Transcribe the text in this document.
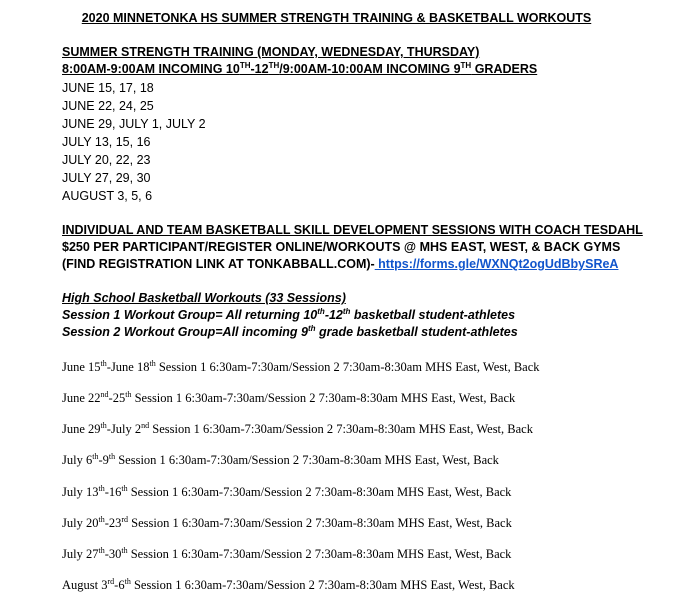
2020 MINNETONKA HS SUMMER STRENGTH TRAINING & BASKETBALL WORKOUTS
SUMMER STRENGTH TRAINING (MONDAY, WEDNESDAY, THURSDAY)
8:00AM-9:00AM INCOMING 10TH-12TH/9:00AM-10:00AM INCOMING 9TH GRADERS
JUNE 15, 17, 18
JUNE 22, 24, 25
JUNE 29, JULY 1, JULY 2
JULY 13, 15, 16
JULY 20, 22, 23
JULY 27, 29, 30
AUGUST 3, 5, 6
INDIVIDUAL AND TEAM BASKETBALL SKILL DEVELOPMENT SESSIONS WITH COACH TESDAHL
$250 PER PARTICIPANT/REGISTER ONLINE/WORKOUTS @ MHS EAST, WEST, & BACK GYMS
(FIND REGISTRATION LINK AT TONKABBALL.COM)- https://forms.gle/WXNQt2ogUdBbySReA
High School Basketball Workouts (33 Sessions)
Session 1 Workout Group= All returning 10th-12th basketball student-athletes
Session 2 Workout Group=All incoming 9th grade basketball student-athletes
June 15th-June 18th Session 1 6:30am-7:30am/Session 2 7:30am-8:30am MHS East, West, Back
June 22nd-25th Session 1 6:30am-7:30am/Session 2 7:30am-8:30am MHS East, West, Back
June 29th-July 2nd Session 1 6:30am-7:30am/Session 2 7:30am-8:30am MHS East, West, Back
July 6th-9th Session 1 6:30am-7:30am/Session 2 7:30am-8:30am MHS East, West, Back
July 13th-16th Session 1 6:30am-7:30am/Session 2 7:30am-8:30am MHS East, West, Back
July 20th-23rd Session 1 6:30am-7:30am/Session 2 7:30am-8:30am MHS East, West, Back
July 27th-30th Session 1 6:30am-7:30am/Session 2 7:30am-8:30am MHS East, West, Back
August 3rd-6th Session 1 6:30am-7:30am/Session 2 7:30am-8:30am MHS East, West, Back
